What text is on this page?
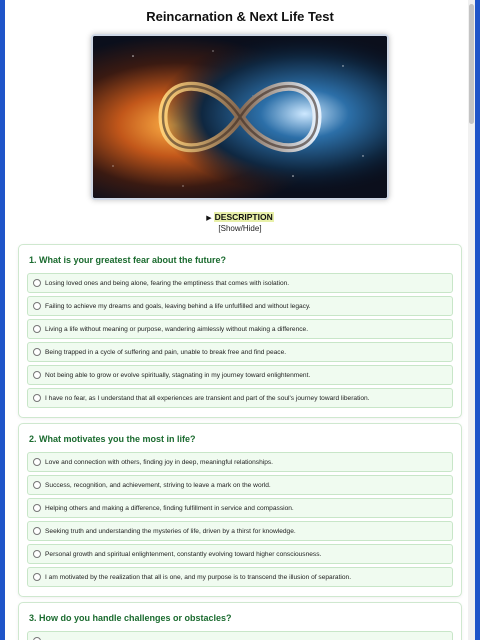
Reincarnation & Next Life Test
▶ DESCRIPTION
[Show/Hide]
1. What is your greatest fear about the future?
Losing loved ones and being alone, fearing the emptiness that comes with isolation.
Failing to achieve my dreams and goals, leaving behind a life unfulfilled and without legacy.
Living a life without meaning or purpose, wandering aimlessly without making a difference.
Being trapped in a cycle of suffering and pain, unable to break free and find peace.
Not being able to grow or evolve spiritually, stagnating in my journey toward enlightenment.
I have no fear, as I understand that all experiences are transient and part of the soul's journey toward liberation.
2. What motivates you the most in life?
Love and connection with others, finding joy in deep, meaningful relationships.
Success, recognition, and achievement, striving to leave a mark on the world.
Helping others and making a difference, finding fulfillment in service and compassion.
Seeking truth and understanding the mysteries of life, driven by a thirst for knowledge.
Personal growth and spiritual enlightenment, constantly evolving toward higher consciousness.
I am motivated by the realization that all is one, and my purpose is to transcend the illusion of separation.
3. How do you handle challenges or obstacles?
